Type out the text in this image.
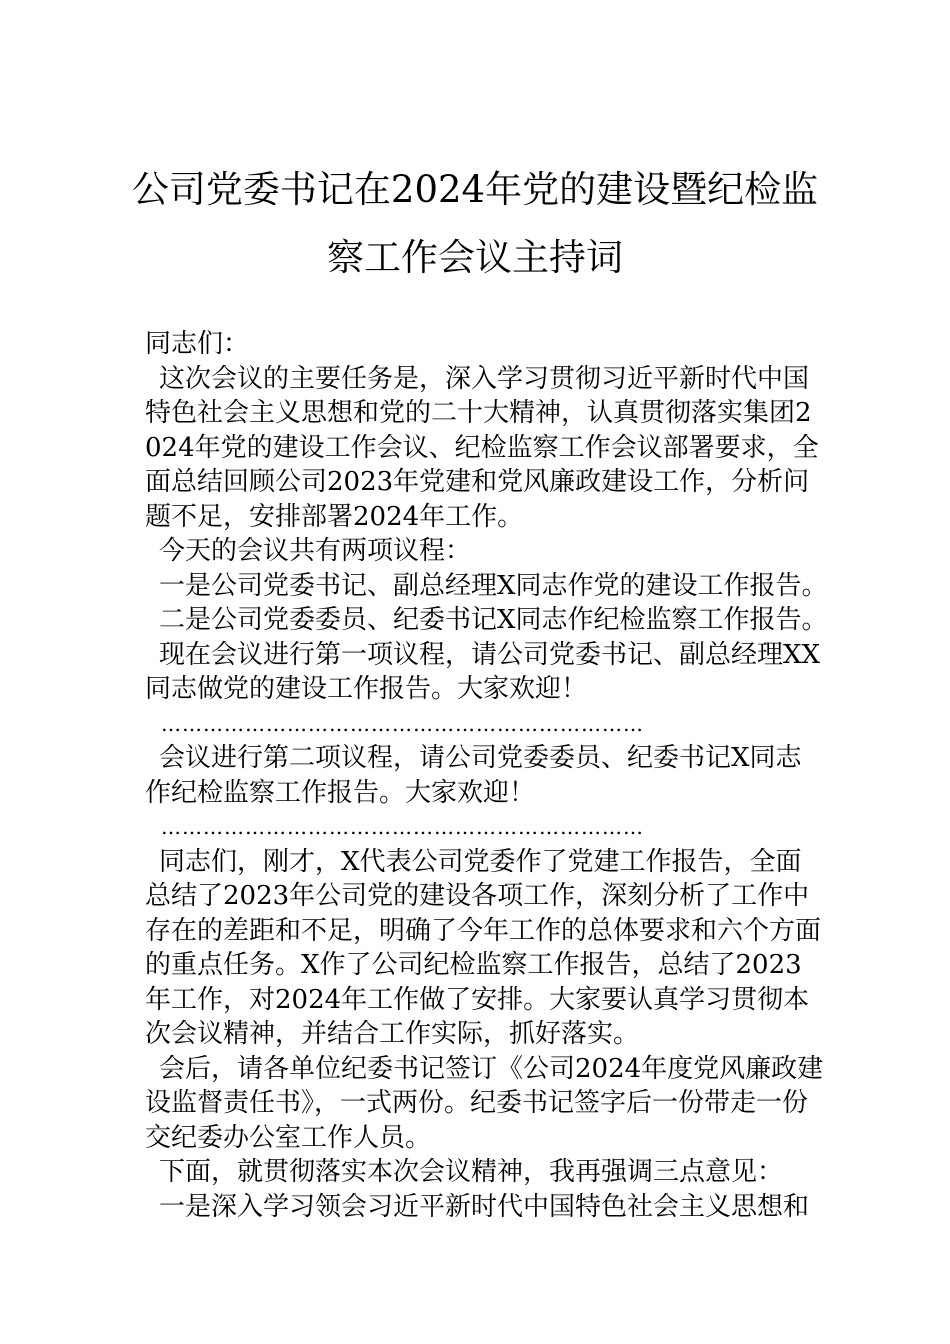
公司党委书记在2024年党的建设暨纪检监
察工作会议主持词

同志们：

这次会议的主要任务是，深入学习贯彻习近平新时代中国特色社会主义思想和党的二十大精神，认真贯彻落实集团2024年党的建设工作会议、纪检监察工作会议部署要求，全面总结回顾公司2023年党建和党风廉政建设工作，分析问题不足，安排部署2024年工作。

今天的会议共有两项议程：

一是公司党委书记、副总经理X同志作党的建设工作报告。

二是公司党委委员、纪委书记X同志作纪检监察工作报告。

现在会议进行第一项议程，请公司党委书记、副总经理XX同志做党的建设工作报告。大家欢迎！

……………………………………………………………

会议进行第二项议程，请公司党委委员、纪委书记X同志作纪检监察工作报告。大家欢迎！

……………………………………………………………

同志们，刚才，X代表公司党委作了党建工作报告，全面总结了2023年公司党的建设各项工作，深刻分析了工作中存在的差距和不足，明确了今年工作的总体要求和六个方面的重点任务。X作了公司纪检监察工作报告，总结了2023年工作，对2024年工作做了安排。大家要认真学习贯彻本次会议精神，并结合工作实际，抓好落实。

会后，请各单位纪委书记签订《公司2024年度党风廉政建设监督责任书》，一式两份。纪委书记签字后一份带走一份交纪委办公室工作人员。

下面，就贯彻落实本次会议精神，我再强调三点意见：

一是深入学习领会习近平新时代中国特色社会主义思想和
